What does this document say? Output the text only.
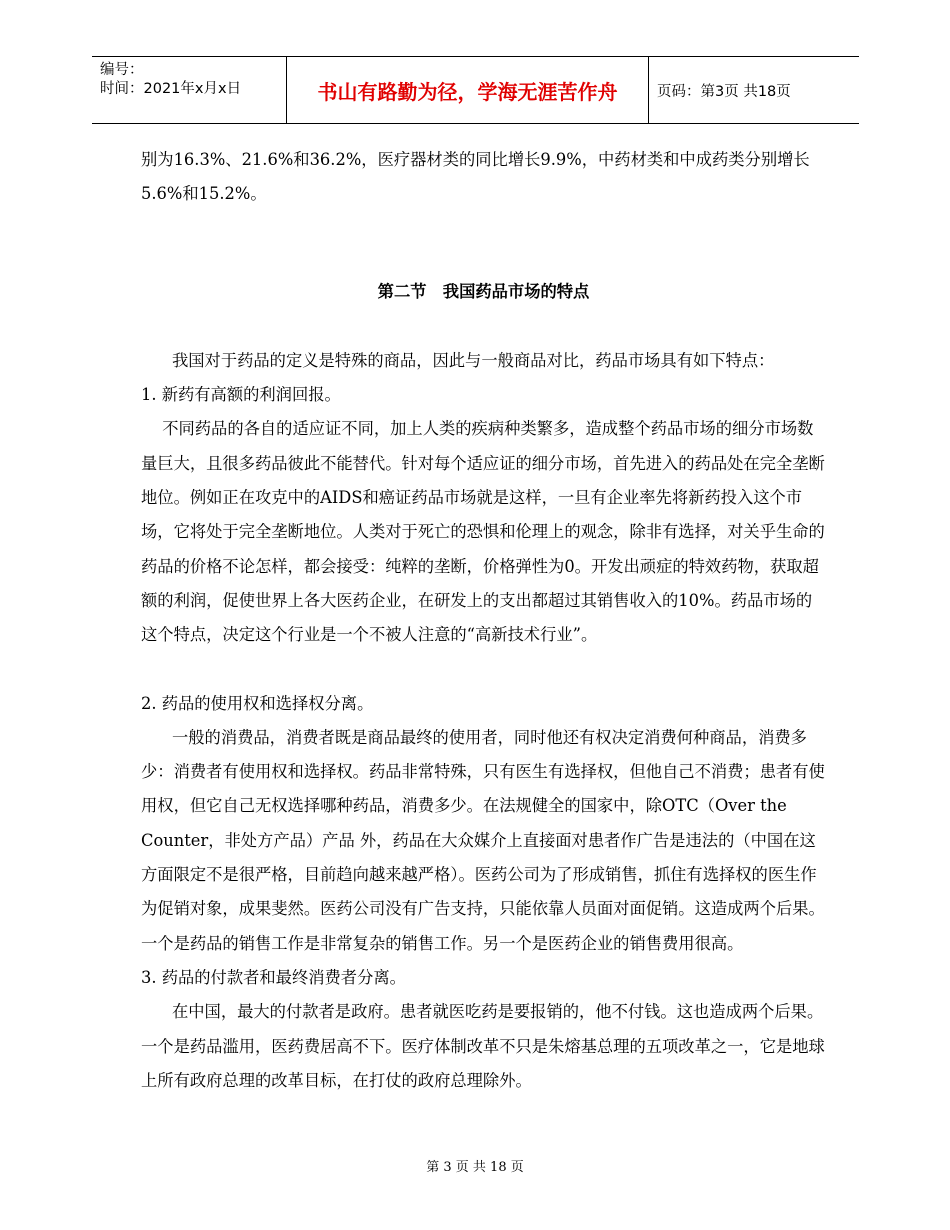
编号：
时间：2021年x月x日	书山有路勤为径，学海无涯苦作舟	页码：第3页 共18页

别为16.3%、21.6%和36.2%，医疗器材类的同比增长9.9%，中药材类和中成药类分别增长5.6%和15.2%。

第二节　我国药品市场的特点

我国对于药品的定义是特殊的商品，因此与一般商品对比，药品市场具有如下特点：

1. 新药有高额的利润回报。

不同药品的各自的适应证不同，加上人类的疾病种类繁多，造成整个药品市场的细分市场数量巨大，且很多药品彼此不能替代。针对每个适应证的细分市场，首先进入的药品处在完全垄断地位。例如正在攻克中的AIDS和癌证药品市场就是这样，一旦有企业率先将新药投入这个市场，它将处于完全垄断地位。人类对于死亡的恐惧和伦理上的观念，除非有选择，对关乎生命的药品的价格不论怎样，都会接受：纯粹的垄断，价格弹性为0。开发出顽症的特效药物，获取超额的利润，促使世界上各大医药企业，在研发上的支出都超过其销售收入的10%。药品市场的这个特点，决定这个行业是一个不被人注意的“高新技术行业”。

2. 药品的使用权和选择权分离。

一般的消费品，消费者既是商品最终的使用者，同时他还有权决定消费何种商品，消费多少：消费者有使用权和选择权。药品非常特殊，只有医生有选择权，但他自己不消费；患者有使用权，但它自己无权选择哪种药品，消费多少。在法规健全的国家中，除OTC（Over the Counter，非处方产品）产品 外，药品在大众媒介上直接面对患者作广告是违法的（中国在这方面限定不是很严格，目前趋向越来越严格）。医药公司为了形成销售，抓住有选择权的医生作为促销对象，成果斐然。医药公司没有广告支持，只能依靠人员面对面促销。这造成两个后果。一个是药品的销售工作是非常复杂的销售工作。另一个是医药企业的销售费用很高。

3. 药品的付款者和最终消费者分离。

在中国，最大的付款者是政府。患者就医吃药是要报销的，他不付钱。这也造成两个后果。一个是药品滥用，医药费居高不下。医疗体制改革不只是朱熔基总理的五项改革之一，它是地球上所有政府总理的改革目标，在打仗的政府总理除外。

第 3 页 共 18 页
